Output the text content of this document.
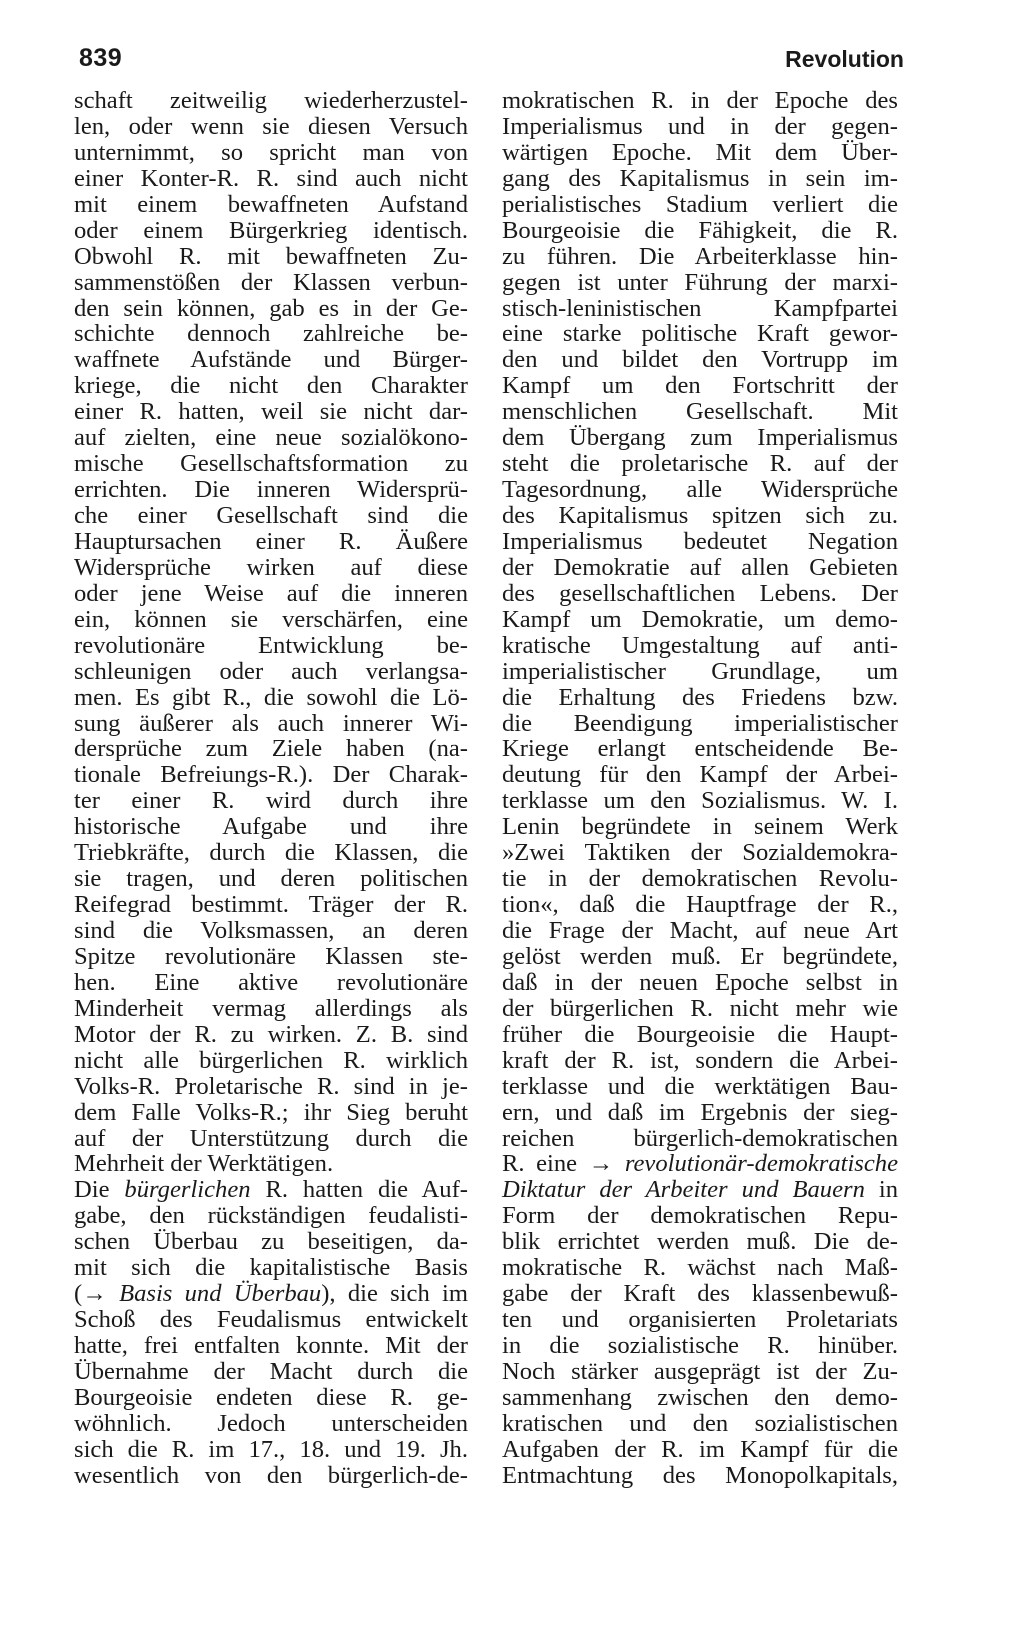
839	Revolution
schaft zeitweilig wiederherzustel-
len, oder wenn sie diesen Versuch
unternimmt, so spricht man von
einer Konter-R. R. sind auch nicht
mit einem bewaffneten Aufstand
oder einem Bürgerkrieg identisch.
Obwohl R. mit bewaffneten Zu-
sammenstößen der Klassen verbun-
den sein können, gab es in der Ge-
schichte dennoch zahlreiche be-
waffnete Aufstände und Bürger-
kriege, die nicht den Charakter
einer R. hatten, weil sie nicht dar-
auf zielten, eine neue sozialökono-
mische Gesellschaftsformation zu
errichten. Die inneren Widersprü-
che einer Gesellschaft sind die
Hauptursachen einer R. Äußere
Widersprüche wirken auf diese
oder jene Weise auf die inneren
ein, können sie verschärfen, eine
revolutionäre Entwicklung be-
schleunigen oder auch verlangsa-
men. Es gibt R., die sowohl die Lö-
sung äußerer als auch innerer Wi-
dersprüche zum Ziele haben (na-
tionale Befreiungs-R.). Der Charak-
ter einer R. wird durch ihre
historische Aufgabe und ihre
Triebkräfte, durch die Klassen, die
sie tragen, und deren politischen
Reifegrad bestimmt. Träger der R.
sind die Volksmassen, an deren
Spitze revolutionäre Klassen ste-
hen. Eine aktive revolutionäre
Minderheit vermag allerdings als
Motor der R. zu wirken. Z. B. sind
nicht alle bürgerlichen R. wirklich
Volks-R. Proletarische R. sind in je-
dem Falle Volks-R.; ihr Sieg beruht
auf der Unterstützung durch die
Mehrheit der Werktätigen.
Die bürgerlichen R. hatten die Auf-
gabe, den rückständigen feudalisti-
schen Überbau zu beseitigen, da-
mit sich die kapitalistische Basis
(→ Basis und Überbau), die sich im
Schoß des Feudalismus entwickelt
hatte, frei entfalten konnte. Mit der
Übernahme der Macht durch die
Bourgeoisie endeten diese R. ge-
wöhnlich. Jedoch unterscheiden
sich die R. im 17., 18. und 19. Jh.
wesentlich von den bürgerlich-de-
mokratischen R. in der Epoche des
Imperialismus und in der gegen-
wärtigen Epoche. Mit dem Über-
gang des Kapitalismus in sein im-
perialistisches Stadium verliert die
Bourgeoisie die Fähigkeit, die R.
zu führen. Die Arbeiterklasse hin-
gegen ist unter Führung der marxi-
stisch-leninistischen Kampfpartei
eine starke politische Kraft gewor-
den und bildet den Vortrupp im
Kampf um den Fortschritt der
menschlichen Gesellschaft. Mit
dem Übergang zum Imperialismus
steht die proletarische R. auf der
Tagesordnung, alle Widersprüche
des Kapitalismus spitzen sich zu.
Imperialismus bedeutet Negation
der Demokratie auf allen Gebieten
des gesellschaftlichen Lebens. Der
Kampf um Demokratie, um demo-
kratische Umgestaltung auf anti-
imperialistischer Grundlage, um
die Erhaltung des Friedens bzw.
die Beendigung imperialistischer
Kriege erlangt entscheidende Be-
deutung für den Kampf der Arbei-
terklasse um den Sozialismus. W. I.
Lenin begründete in seinem Werk
»Zwei Taktiken der Sozialdemokra-
tie in der demokratischen Revolu-
tion«, daß die Hauptfrage der R.,
die Frage der Macht, auf neue Art
gelöst werden muß. Er begründete,
daß in der neuen Epoche selbst in
der bürgerlichen R. nicht mehr wie
früher die Bourgeoisie die Haupt-
kraft der R. ist, sondern die Arbei-
terklasse und die werktätigen Bau-
ern, und daß im Ergebnis der sieg-
reichen bürgerlich-demokratischen
R. eine → revolutionär-demokratische
Diktatur der Arbeiter und Bauern in
Form der demokratischen Repu-
blik errichtet werden muß. Die de-
mokratische R. wächst nach Maß-
gabe der Kraft des klassenbewuß-
ten und organisierten Proletariats
in die sozialistische R. hinüber.
Noch stärker ausgeprägt ist der Zu-
sammenhang zwischen den demo-
kratischen und den sozialistischen
Aufgaben der R. im Kampf für die
Entmachtung des Monopolkapitals,
